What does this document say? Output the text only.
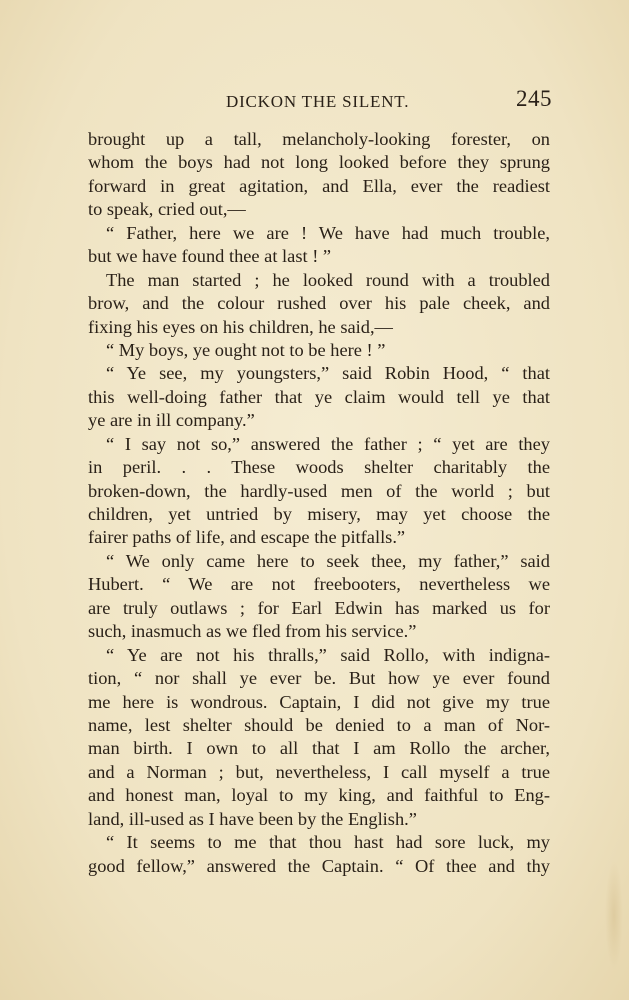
DICKON THE SILENT.	245
brought up a tall, melancholy-looking forester, on
whom the boys had not long looked before they sprung
forward in great agitation, and Ella, ever the readiest
to speak, cried out,—
“ Father, here we are ! We have had much trouble,
but we have found thee at last ! ”
The man started ; he looked round with a troubled
brow, and the colour rushed over his pale cheek, and
fixing his eyes on his children, he said,—
“ My boys, ye ought not to be here ! ”
“ Ye see, my youngsters,” said Robin Hood, “ that
this well-doing father that ye claim would tell ye that
ye are in ill company.”
“ I say not so,” answered the father ; “ yet are they
in peril. . . These woods shelter charitably the
broken-down, the hardly-used men of the world ; but
children, yet untried by misery, may yet choose the
fairer paths of life, and escape the pitfalls.”
“ We only came here to seek thee, my father,” said
Hubert. “ We are not freebooters, nevertheless we
are truly outlaws ; for Earl Edwin has marked us for
such, inasmuch as we fled from his service.”
“ Ye are not his thralls,” said Rollo, with indigna-
tion, “ nor shall ye ever be. But how ye ever found
me here is wondrous. Captain, I did not give my true
name, lest shelter should be denied to a man of Nor-
man birth. I own to all that I am Rollo the archer,
and a Norman ; but, nevertheless, I call myself a true
and honest man, loyal to my king, and faithful to Eng-
land, ill-used as I have been by the English.”
“ It seems to me that thou hast had sore luck, my
good fellow,” answered the Captain. “ Of thee and thy
